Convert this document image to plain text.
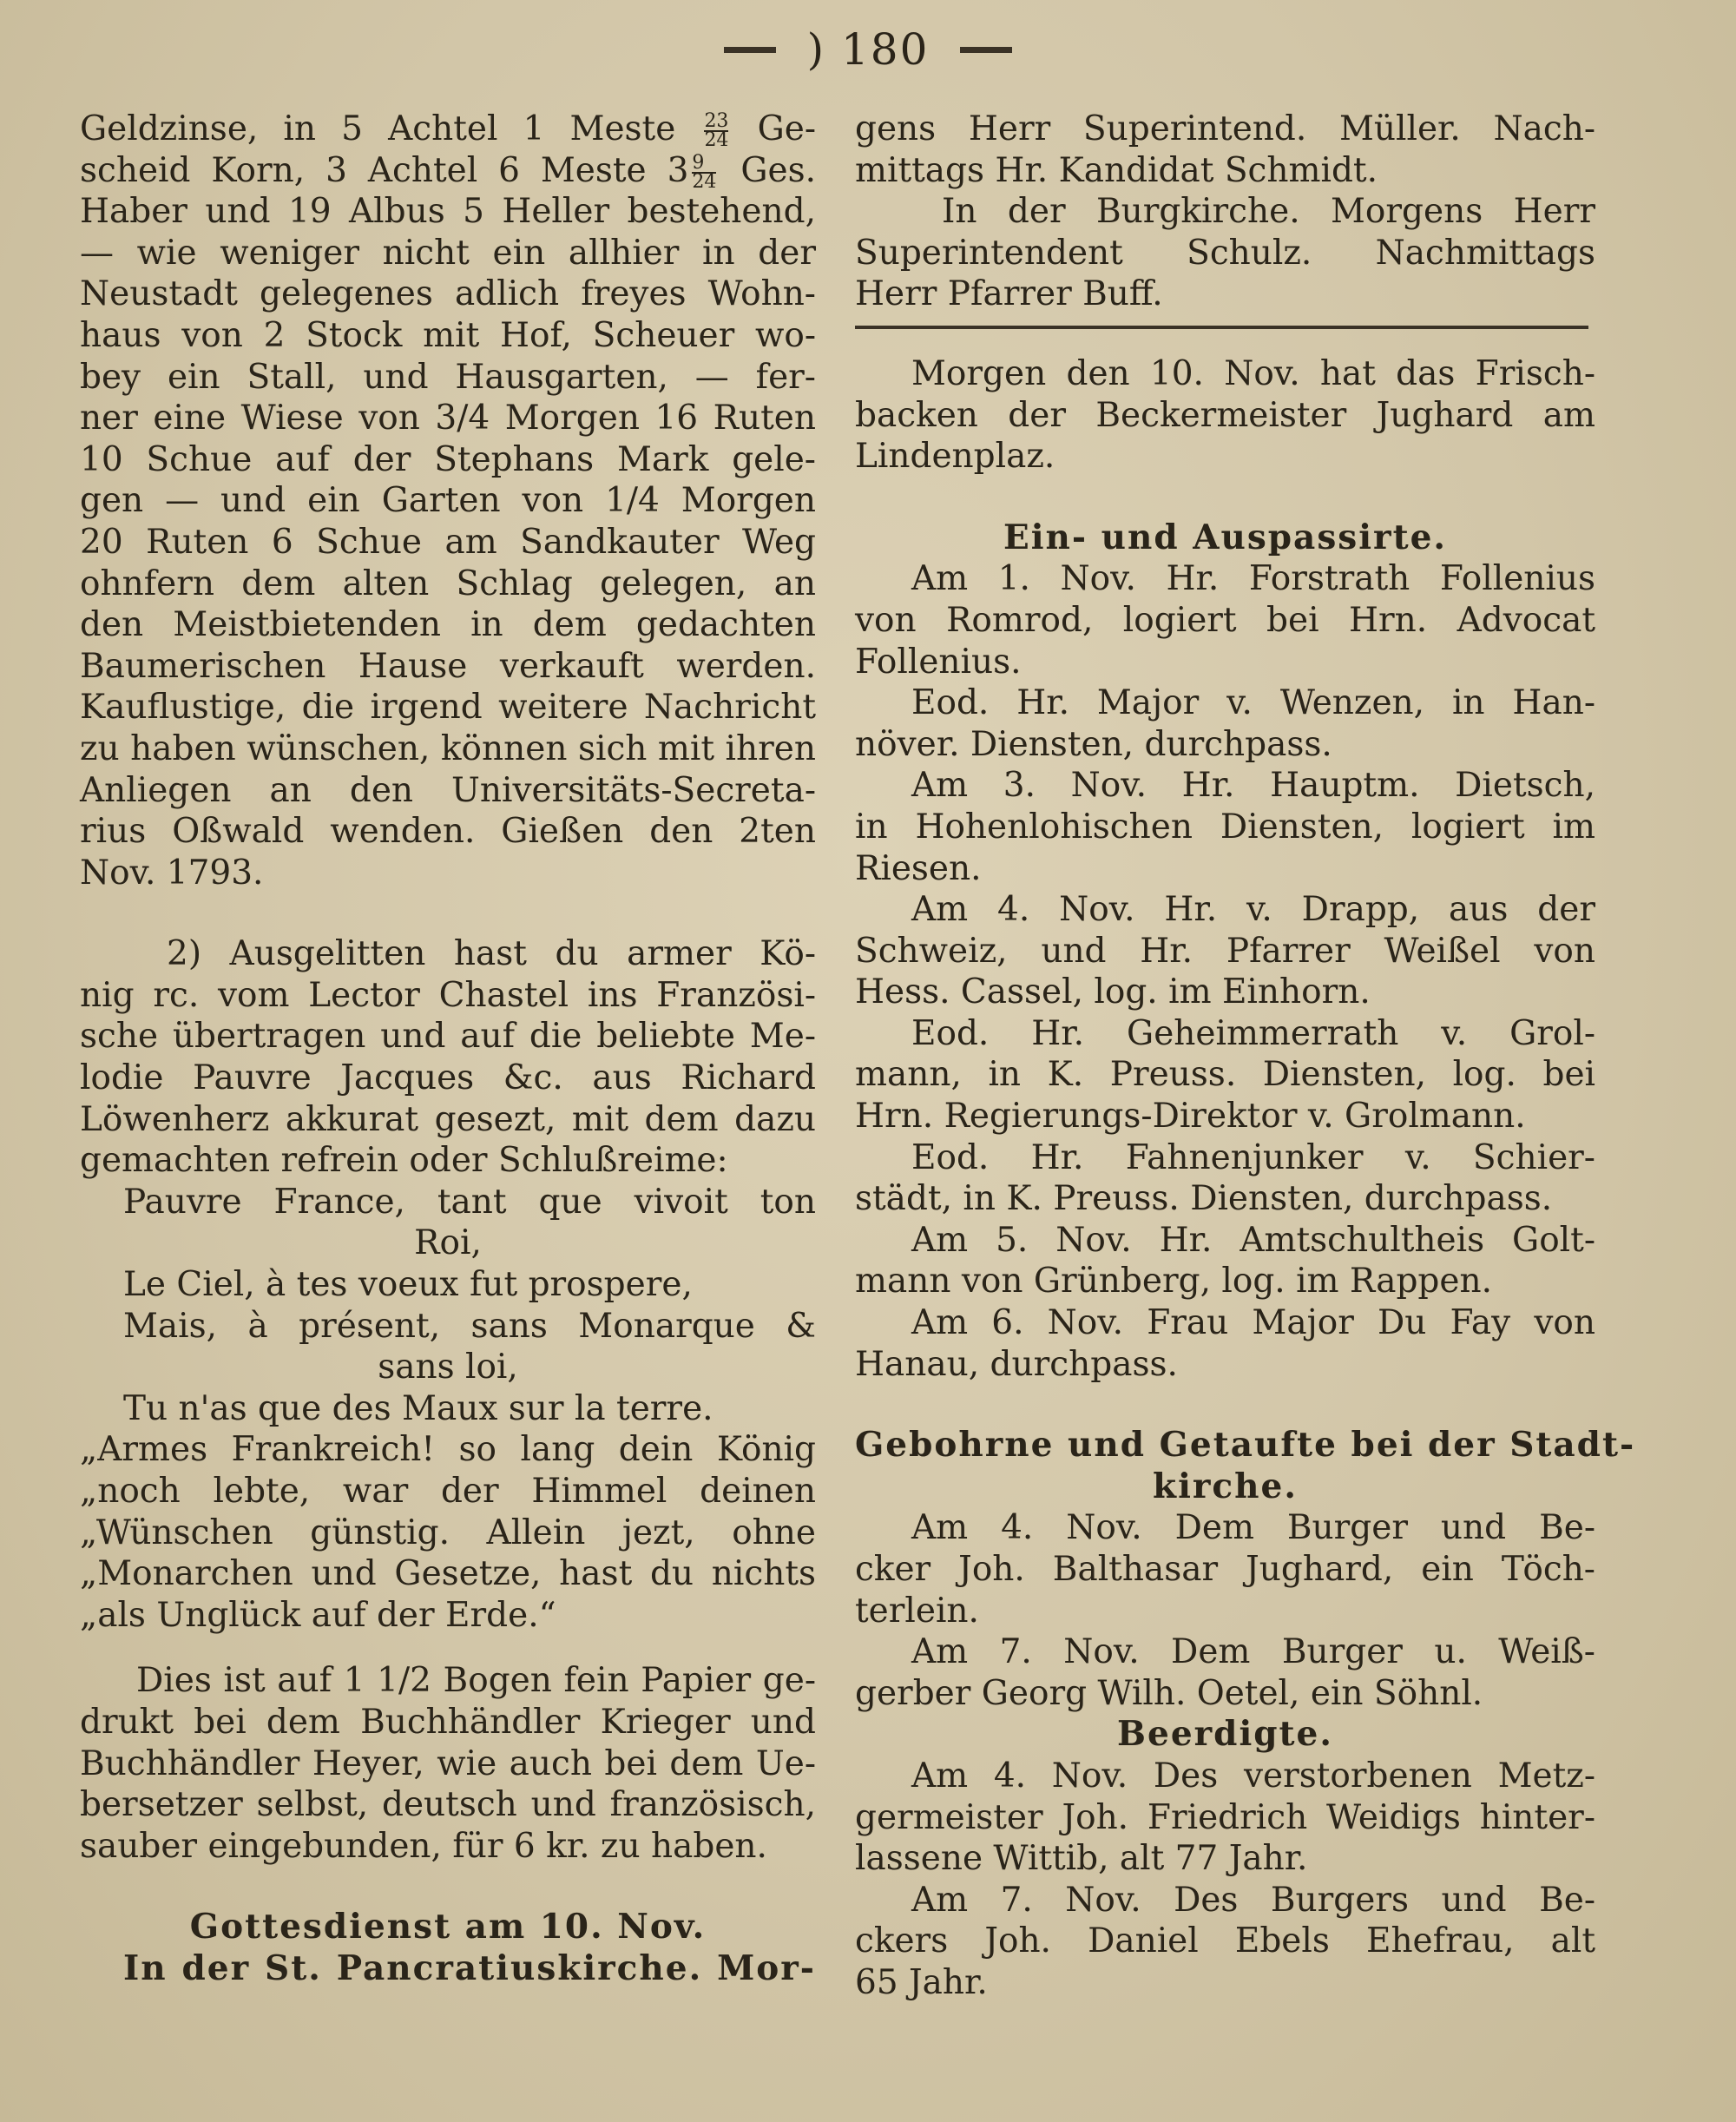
) 180
Geldzinse, in 5 Achtel 1 Meste $\frac{23}{24} Ge-$
scheid Korn, 3 Achtel 6 Meste $3 \frac{9}{24}$ Ges.
Haber und 19 Albus 5 Heller bestehend,
— wie weniger nicht ein allhier in der
Neustadt gelegenes adlich freyes Wohn-
haus von 2 Stock mit Hof, Scheuer wo-
bey ein Stall, und Hausgarten, — fer-
ner eine Wiese von 3/4 Morgen 16 Ruten
10 Schue auf der Stephans Mark gele-
gen — und ein Garten von 1/4 Morgen
20 Ruten 6 Schue am Sandkauter Weg
ohnfern dem alten Schlag gelegen, an
den Meistbietenden in dem gedachten
Baumerischen Hause verkauft werden.
Kauflustige, die irgend weitere Nachricht
zu haben wünschen, können sich mit ihren
Anliegen an den Universitäts-Secreta-
rius Oßwald wenden. Gießen den 2ten
Nov. 1793.
2) Ausgelitten hast du armer Kö-
nig rc. vom Lector Chastel ins Französi-
sche übertragen und auf die beliebte Me-
lodie Pauvre Jacques &c. aus Richard
Löwenherz akkurat gesezt, mit dem dazu
gemachten refrein oder Schlußreime:
Pauvre France, tant que vivoit ton
Roi,
Le Ciel, à tes voeux fut prospere,
Mais, à présent, sans Monarque &
sans loi,
Tu n'as que des Maux sur la terre.
„Armes Frankreich! so lang dein König
„noch lebte, war der Himmel deinen
„Wünschen günstig. Allein jezt, ohne
„Monarchen und Gesetze, hast du nichts
„als Unglück auf der Erde.“
Dies ist auf 1 1/2 Bogen fein Papier ge-
drukt bei dem Buchhändler Krieger und
Buchhändler Heyer, wie auch bei dem Ue-
bersetzer selbst, deutsch und französisch,
sauber eingebunden, für 6 kr. zu haben.
Gottesdienst am 10. Nov.
In der St. Pancratiuskirche. Mor-
gens Herr Superintend. Müller. Nach-
mittags Hr. Kandidat Schmidt.
In der Burgkirche. Morgens Herr
Superintendent Schulz. Nachmittags
Herr Pfarrer Buff.
Morgen den 10. Nov. hat das Frisch-
backen der Beckermeister Jughard am
Lindenplaz.
Ein- und Auspassirte.
Am 1. Nov. Hr. Forstrath Follenius
von Romrod, logiert bei Hrn. Advocat
Follenius.
Eod. Hr. Major v. Wenzen, in Han-
növer. Diensten, durchpass.
Am 3. Nov. Hr. Hauptm. Dietsch,
in Hohenlohischen Diensten, logiert im
Riesen.
Am 4. Nov. Hr. v. Drapp, aus der
Schweiz, und Hr. Pfarrer Weißel von
Hess. Cassel, log. im Einhorn.
Eod. Hr. Geheimmerrath v. Grol-
mann, in K. Preuss. Diensten, log. bei
Hrn. Regierungs-Direktor v. Grolmann.
Eod. Hr. Fahnenjunker v. Schier-
städt, in K. Preuss. Diensten, durchpass.
Am 5. Nov. Hr. Amtschultheis Golt-
mann von Grünberg, log. im Rappen.
Am 6. Nov. Frau Major Du Fay von
Hanau, durchpass.
Gebohrne und Getaufte bei der Stadt-
kirche.
Am 4. Nov. Dem Burger und Be-
cker Joh. Balthasar Jughard, ein Töch-
terlein.
Am 7. Nov. Dem Burger u. Weiß-
gerber Georg Wilh. Oetel, ein Söhnl.
Beerdigte.
Am 4. Nov. Des verstorbenen Metz-
germeister Joh. Friedrich Weidigs hinter-
lassene Wittib, alt 77 Jahr.
Am 7. Nov. Des Burgers und Be-
ckers Joh. Daniel Ebels Ehefrau, alt
65 Jahr.
